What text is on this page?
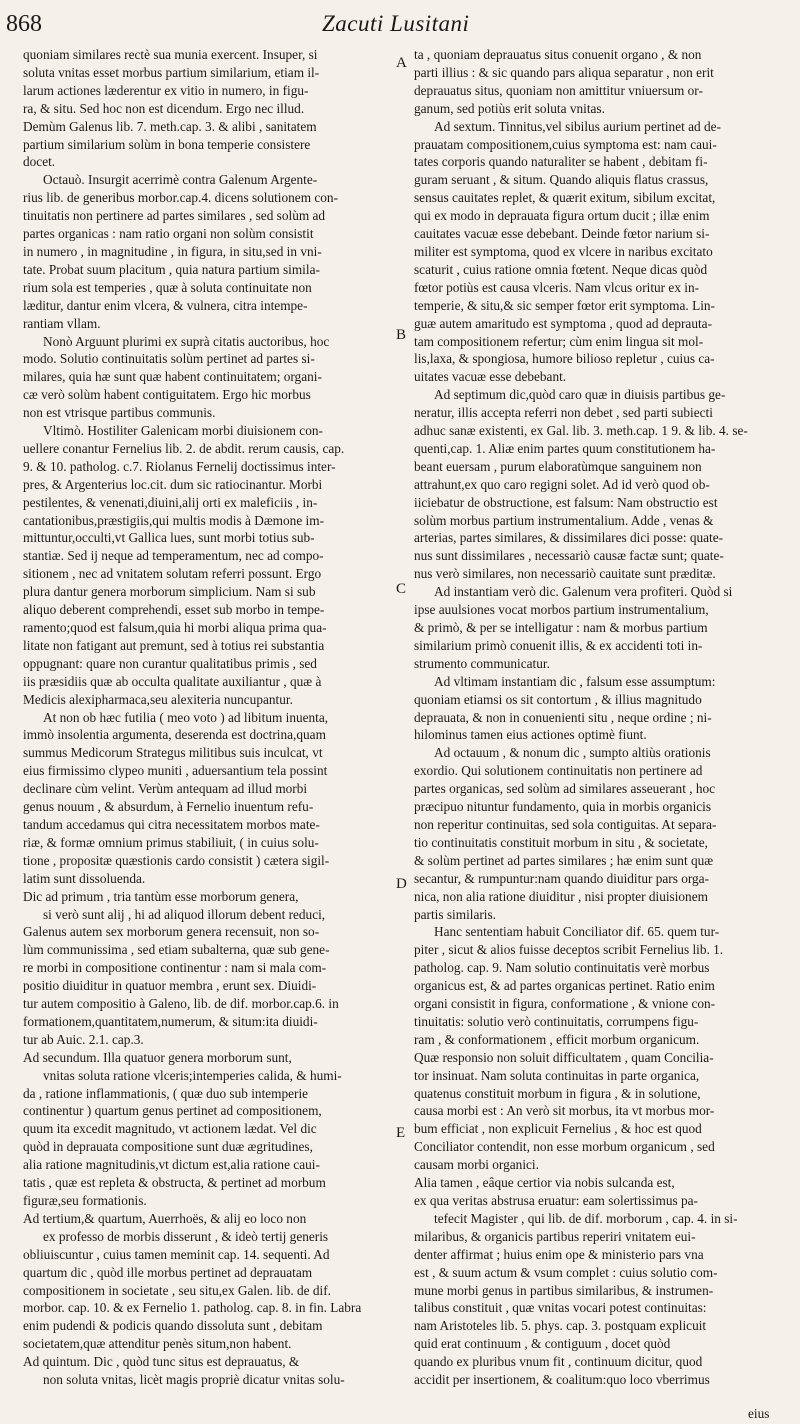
868	Zacuti Lusitani
quoniam similares rectè sua munia exercent. Insuper, si
soluta vnitas esset morbus partium similarium, etiam il-
larum actiones læderentur ex vitio in numero, in figu-
ra, & situ. Sed hoc non est dicendum. Ergo nec illud.
Demùm Galenus lib. 7. meth.cap. 3. & alibi , sanitatem
partium similarium solùm in bona temperie consistere
docet.
Octauò. Insurgit acerrimè contra Galenum Argente-
rius lib. de generibus morbor.cap.4. dicens solutionem con-
tinuitatis non pertinere ad partes similares , sed solùm ad
partes organicas : nam ratio organi non solùm consistit
in numero , in magnitudine , in figura, in situ,sed in vni-
tate. Probat suum placitum , quia natura partium simila-
rium sola est temperies , quæ à soluta continuitate non
læditur, dantur enim vlcera, & vulnera, citra intempe-
rantiam vllam.
Nonò Arguunt plurimi ex suprà citatis auctoribus, hoc
modo. Solutio continuitatis solùm pertinet ad partes si-
milares, quia hæ sunt quæ habent continuitatem; organi-
cæ verò solùm habent contiguitatem. Ergo hic morbus
non est vtrisque partibus communis.
Vltimò. Hostiliter Galenicam morbi diuisionem con-
uellere conantur Fernelius lib. 2. de abdit. rerum causis, cap.
9. & 10. patholog. c.7. Riolanus Fernelij doctissimus inter-
pres, & Argenterius loc.cit. dum sic ratiocinantur. Morbi
pestilentes, & venenati,diuini,alij orti ex maleficiis , in-
cantationibus,præstigiis,qui multis modis à Dæmone im-
mittuntur,occulti,vt Gallica lues, sunt morbi totius sub-
stantiæ. Sed ij neque ad temperamentum, nec ad compo-
sitionem , nec ad vnitatem solutam referri possunt. Ergo
plura dantur genera morborum simplicium. Nam si sub
aliquo deberent comprehendi, esset sub morbo in tempe-
ramento;quod est falsum,quia hi morbi aliqua prima qua-
litate non fatigant aut premunt, sed à totius rei substantia
oppugnant: quare non curantur qualitatibus primis , sed
iis præsidiis quæ ab occulta qualitate auxiliantur , quæ à
Medicis alexipharmaca,seu alexiteria nuncupantur.
At non ob hæc futilia ( meo voto ) ad libitum inuenta,
immò insolentia argumenta, deserenda est doctrina,quam
summus Medicorum Strategus militibus suis inculcat, vt
eius firmissimo clypeo muniti , aduersantium tela possint
declinare cùm velint. Verùm antequam ad illud morbi
genus nouum , & absurdum, à Fernelio inuentum refu-
tandum accedamus qui citra necessitatem morbos mate-
riæ, & formæ omnium primus stabiliuit, ( in cuius solu-
tione , propositæ quæstionis cardo consistit ) cætera sigil-
latim sunt dissoluenda.
Dic ad primum , tria tantùm esse morborum genera,
si verò sunt alij , hi ad aliquod illorum debent reduci,
Galenus autem sex morborum genera recensuit, non so-
lùm communissima , sed etiam subalterna, quæ sub gene-
re morbi in compositione continentur : nam si mala com-
positio diuiditur in quatuor membra , erunt sex. Diuidi-
tur autem compositio à Galeno, lib. de dif. morbor.cap.6. in
formationem,quantitatem,numerum, & situm:ita diuidi-
tur ab Auic. 2.1. cap.3.
Ad secundum. Illa quatuor genera morborum sunt,
vnitas soluta ratione vlceris;intemperies calida, & humi-
da , ratione inflammationis, ( quæ duo sub intemperie
continentur ) quartum genus pertinet ad compositionem,
quum ita excedit magnitudo, vt actionem lædat. Vel dic
quòd in deprauata compositione sunt duæ ægritudines,
alia ratione magnitudinis,vt dictum est,alia ratione caui-
tatis , quæ est repleta & obstructa, & pertinet ad morbum
figuræ,seu formationis.
Ad tertium,& quartum, Auerrhoës, & alij eo loco non
ex professo de morbis disserunt , & ideò tertij generis
obliuiscuntur , cuius tamen meminit cap. 14. sequenti. Ad
quartum dic , quòd ille morbus pertinet ad deprauatam
compositionem in societate , seu situ,ex Galen. lib. de dif.
morbor. cap. 10. & ex Fernelio 1. patholog. cap. 8. in fin. Labra
enim pudendi & podicis quando dissoluta sunt , debitam
societatem,quæ attenditur penès situm,non habent.
Ad quintum. Dic , quòd tunc situs est deprauatus, &
non soluta vnitas, licèt magis propriè dicatur vnitas solu-
ta , quoniam deprauatus situs conuenit organo , & non
parti illius : & sic quando pars aliqua separatur , non erit
deprauatus situs, quoniam non amittitur vniuersum or-
ganum, sed potiùs erit soluta vnitas.
Ad sextum. Tinnitus,vel sibilus aurium pertinet ad de-
prauatam compositionem,cuius symptoma est: nam caui-
tates corporis quando naturaliter se habent , debitam fi-
guram seruant , & situm. Quando aliquis flatus crassus,
sensus cauitates replet, & quærit exitum, sibilum excitat,
qui ex modo in deprauata figura ortum ducit ; illæ enim
cauitates vacuæ esse debebant. Deinde fœtor narium si-
militer est symptoma, quod ex vlcere in naribus excitato
scaturit , cuius ratione omnia fœtent. Neque dicas quòd
fœtor potiùs est causa vlceris. Nam vlcus oritur ex in-
temperie, & situ,& sic semper fœtor erit symptoma. Lin-
guæ autem amaritudo est symptoma , quod ad deprauta-
tam compositionem refertur; cùm enim lingua sit mol-
lis,laxa, & spongiosa, humore bilioso repletur , cuius ca-
uitates vacuæ esse debebant.
Ad septimum dic,quòd caro quæ in diuisis partibus ge-
neratur, illis accepta referri non debet , sed parti subiecti
adhuc sanæ existenti, ex Gal. lib. 3. meth.cap. 1 9. & lib. 4. se-
quenti,cap. 1. Aliæ enim partes quum constitutionem ha-
beant euersam , purum elaboratùmque sanguinem non
attrahunt,ex quo caro regigni solet. Ad id verò quod ob-
iiciebatur de obstructione, est falsum: Nam obstructio est
solùm morbus partium instrumentalium. Adde , venas &
arterias, partes similares, & dissimilares dici posse: quate-
nus sunt dissimilares , necessariò causæ factæ sunt; quate-
nus verò similares, non necessariò cauitate sunt præditæ.
Ad instantiam verò dic. Galenum vera profiteri. Quòd si
ipse auulsiones vocat morbos partium instrumentalium,
& primò, & per se intelligatur : nam & morbus partium
similarium primò conuenit illis, & ex accidenti toti in-
strumento communicatur.
Ad vltimam instantiam dic , falsum esse assumptum:
quoniam etiamsi os sit contortum , & illius magnitudo
deprauata, & non in conuenienti situ , neque ordine ; ni-
hilominus tamen eius actiones optimè fiunt.
Ad octauum , & nonum dic , sumpto altiùs orationis
exordio. Qui solutionem continuitatis non pertinere ad
partes organicas, sed solùm ad similares asseuerant , hoc
præcipuo nituntur fundamento, quia in morbis organicis
non reperitur continuitas, sed sola contiguitas. At separa-
tio continuitatis constituit morbum in situ , & societate,
& solùm pertinet ad partes similares ; hæ enim sunt quæ
secantur, & rumpuntur:nam quando diuiditur pars orga-
nica, non alia ratione diuiditur , nisi propter diuisionem
partis similaris.
Hanc sententiam habuit Conciliator dif. 65. quem tur-
piter , sicut & alios fuisse deceptos scribit Fernelius lib. 1.
patholog. cap. 9. Nam solutio continuitatis verè morbus
organicus est, & ad partes organicas pertinet. Ratio enim
organi consistit in figura, conformatione , & vnione con-
tinuitatis: solutio verò continuitatis, corrumpens figu-
ram , & conformationem , efficit morbum organicum.
Quæ responsio non soluit difficultatem , quam Concilia-
tor insinuat. Nam soluta continuitas in parte organica,
quatenus constituit morbum in figura , & in solutione,
causa morbi est : An verò sit morbus, ita vt morbus mor-
bum efficiat , non explicuit Fernelius , & hoc est quod
Conciliator contendit, non esse morbum organicum , sed
causam morbi organici.
Alia tamen , eâque certior via nobis sulcanda est,
ex qua veritas abstrusa eruatur: eam solertissimus pa-
tefecit Magister , qui lib. de dif. morborum , cap. 4. in si-
milaribus, & organicis partibus reperiri vnitatem eui-
denter affirmat ; huius enim ope & ministerio pars vna
est , & suum actum & vsum complet : cuius solutio com-
mune morbi genus in partibus similaribus, & instrumen-
talibus constituit , quæ vnitas vocari potest continuitas:
nam Aristoteles lib. 5. phys. cap. 3. postquam explicuit
quid erat continuum , & contiguum , docet quòd
quando ex pluribus vnum fit , continuum dicitur, quod
accidit per insertionem, & coalitum:quo loco vberrimus
A
B
C
D
E
eius
